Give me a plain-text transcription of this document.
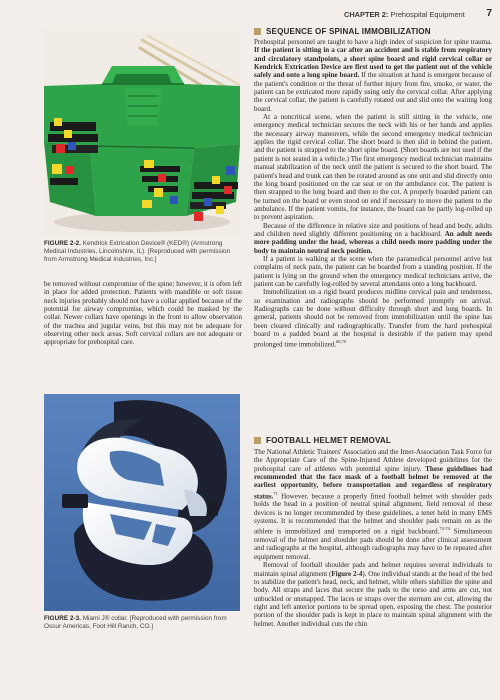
CHAPTER 2: Prehospital Equipment 7
FIGURE 2-2. Kendrick Extrication Device® (KED®) (Armstrong Medical Industries, Lincolnshire, IL). [Reproduced with permission from Armstrong Medical Industries, Inc.]

be removed without compromise of the spine; however, it is often left in place for added protection. Patients with mandible or soft tissue neck injuries probably should not have a collar applied because of the potential for airway compromise, which could be masked by the collar. Newer collars have openings in the front to allow observation of the trachea and jugular veins, but this may not be adequate for observing other neck areas. Soft cervical collars are not adequate or appropriate for prehospital care.

FIGURE 2-3. Miami J® collar. [Reproduced with permission from Ossur Americas, Foot Hill Ranch, CO.]
SEQUENCE OF SPINAL IMMOBILIZATION

Prehospital personnel are taught to have a high index of suspicion for spine trauma. If the patient is sitting in a car after an accident and is stable from respiratory and circulatory standpoints, a short spine board and rigid cervical collar or Kendrick Extrication Device are first used to get the patient out of the vehicle safely and onto a long spine board. If the situation at hand is emergent because of the patient's condition or the threat of further injury from fire, smoke, or water, the patient can be extricated more rapidly using only the cervical collar. After applying the cervical collar, the patient is carefully rotated out and slid onto the waiting long board.

At a noncritical scene, when the patient is still sitting in the vehicle, one emergency medical technician secures the neck with his or her hands and applies the necessary airway maneuvers, while the second emergency medical technician applies the rigid cervical collar. The short board is then slid in behind the patient, and the patient is strapped to the short spine board. (Short boards are not used if the patient is not seated in a vehicle.) The first emergency medical technician maintains manual stabilization of the neck until the patient is secured to the short board. The patient's head and trunk can then be rotated around as one unit and slid directly onto the long board positioned on the car seat or on the ambulance cot. The patient is then strapped to the long board and then to the cot. A properly boarded patient can be turned on the board or even stood on end if necessary to move the patient to the ambulance. If the patient vomits, for instance, the board can be partly log-rolled up to prevent aspiration.

Because of the difference in relative size and positions of head and body, adults and children need slightly different positioning on a backboard. An adult needs more padding under the head, whereas a child needs more padding under the body to maintain neutral neck position.

If a patient is walking at the scene when the paramedical personnel arrive but complains of neck pain, the patient can be boarded from a standing position. If the patient is lying on the ground when the emergency medical technicians arrive, the patient can be carefully log-rolled by several attendants onto a long backboard.

Immobilization on a rigid board produces midline cervical pain and tenderness, so examination and radiographs should be performed promptly on arrival. Radiographs can be done without difficulty through short and long boards. In general, patients should not be removed from immobilization until the spine has been cleared clinically and radiographically. Transfer from the hard prehospital board to a padded board at the hospital is desirable if the patient may spend prolonged time immobilized.$^{68,70}$

FOOTBALL HELMET REMOVAL

The National Athletic Trainers' Association and the Inter-Association Task Force for the Appropriate Care of the Spine-Injured Athlete developed guidelines for the prehospital care of athletes with potential spine injury. These guidelines had recommended that the face mask of a football helmet be removed at the earliest opportunity, before transportation and regardless of respiratory status.$^{71}$ However, because a properly fitted football helmet with shoulder pads holds the head in a position of neutral spinal alignment, field removal of these devices is no longer recommended by these guidelines, a tenet held in many EMS systems. It is recommended that the helmet and shoulder pads remain on as the athlete is immobilized and transported on a rigid backboard.$^{72-74}$ Simultaneous removal of the helmet and shoulder pads should be done after clinical assessment and radiographs at the hospital, although radiographs may have to be repeated after equipment removal.

Removal of football shoulder pads and helmet requires several individuals to maintain spinal alignment (Figure 2-4). One individual stands at the head of the bed to stabilize the patient's head, neck, and helmet, while others stabilize the spine and body. All straps and laces that secure the pads to the torso and arms are cut, not unbuckled or unsnapped. The laces or straps over the sternum are cut, allowing the right and left anterior portions to be spread open, exposing the chest. The posterior portion of the shoulder pads is kept in place to maintain spinal alignment with the helmet. Another individual cuts the chin
